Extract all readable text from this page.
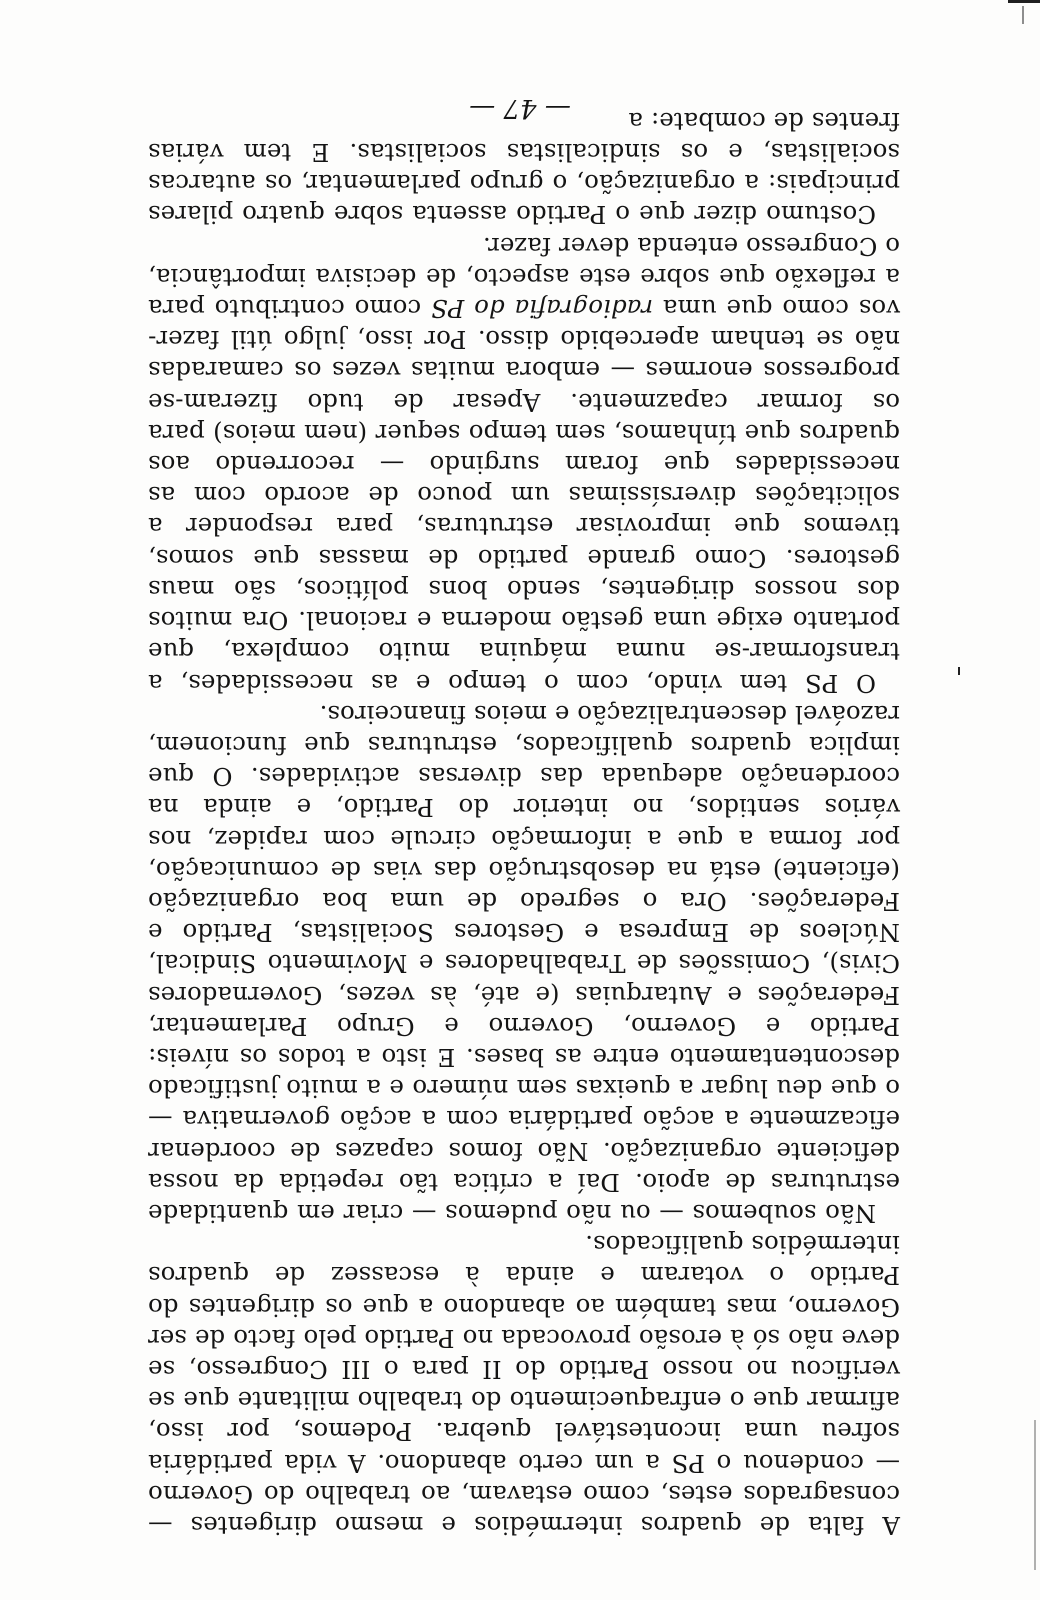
A falta de quadros intermédios e mesmo dirigentes — consagrados estes, como estavam, ao trabalho do Governo — condenou o PS a um certo abandono. A vida partidária sofreu uma incontestável quebra. Podemos, por isso, afirmar que o enfraquecimento do trabalho militante que se verificou no nosso Partido do II para o III Congresso, se deve não só à erosão provocada no Partido pelo facto de ser Governo, mas também ao abandono a que os dirigentes do Partido o votaram e ainda à escassez de quadros intermédios qualificados.

Não soubemos — ou não pudemos — criar em quantidade estruturas de apoio. Daí a crítica tão repetida da nossa deficiente organização. Não fomos capazes de coordenar eficazmente a acção partidária com a acção governativa — o que deu lugar a queixas sem número e a muito justificado descontentamento entre as bases. E isto a todos os níveis: Partido e Governo, Governo e Grupo Parlamentar, Federações e Autarquias (e até, às vezes, Governadores Civis), Comissões de Trabalhadores e Movimento Sindical, Núcleos de Empresa e Gestores Socialistas, Partido e Federações. Ora o segredo de uma boa organização (eficiente) está na desobstrução das vias de comunicação, por forma a que a informação circule com rapidez, nos vários sentidos, no interior do Partido, e ainda na coordenação adequada das diversas actividades. O que implica quadros qualificados, estruturas que funcionem, razoável descentralização e meios financeiros.

O PS tem vindo, com o tempo e as necessidades, a transformar-se numa máquina muito complexa, que portanto exige uma gestão moderna e racional. Ora muitos dos nossos dirigentes, sendo bons políticos, são maus gestores. Como grande partido de massas que somos, tivemos que improvisar estruturas, para responder a solicitações diversíssimas um pouco de acordo com as necessidades que foram surgindo — recorrendo aos quadros que tínhamos, sem tempo sequer (nem meios) para os formar capazmente. Apesar de tudo fizeram-se progressos enormes — embora muitas vezes os camaradas não se tenham apercebido disso. Por isso, julgo útil fazer-vos como que uma radiografia do PS como contributo para a reflexão que sobre este aspecto, de decisiva importância, o Congresso entenda dever fazer.

Costumo dizer que o Partido assenta sobre quatro pilares principais: a organização, o grupo parlamentar, os autarcas socialistas, e os sindicalistas socialistas. E tem várias frentes de combate: a

— 47 —
